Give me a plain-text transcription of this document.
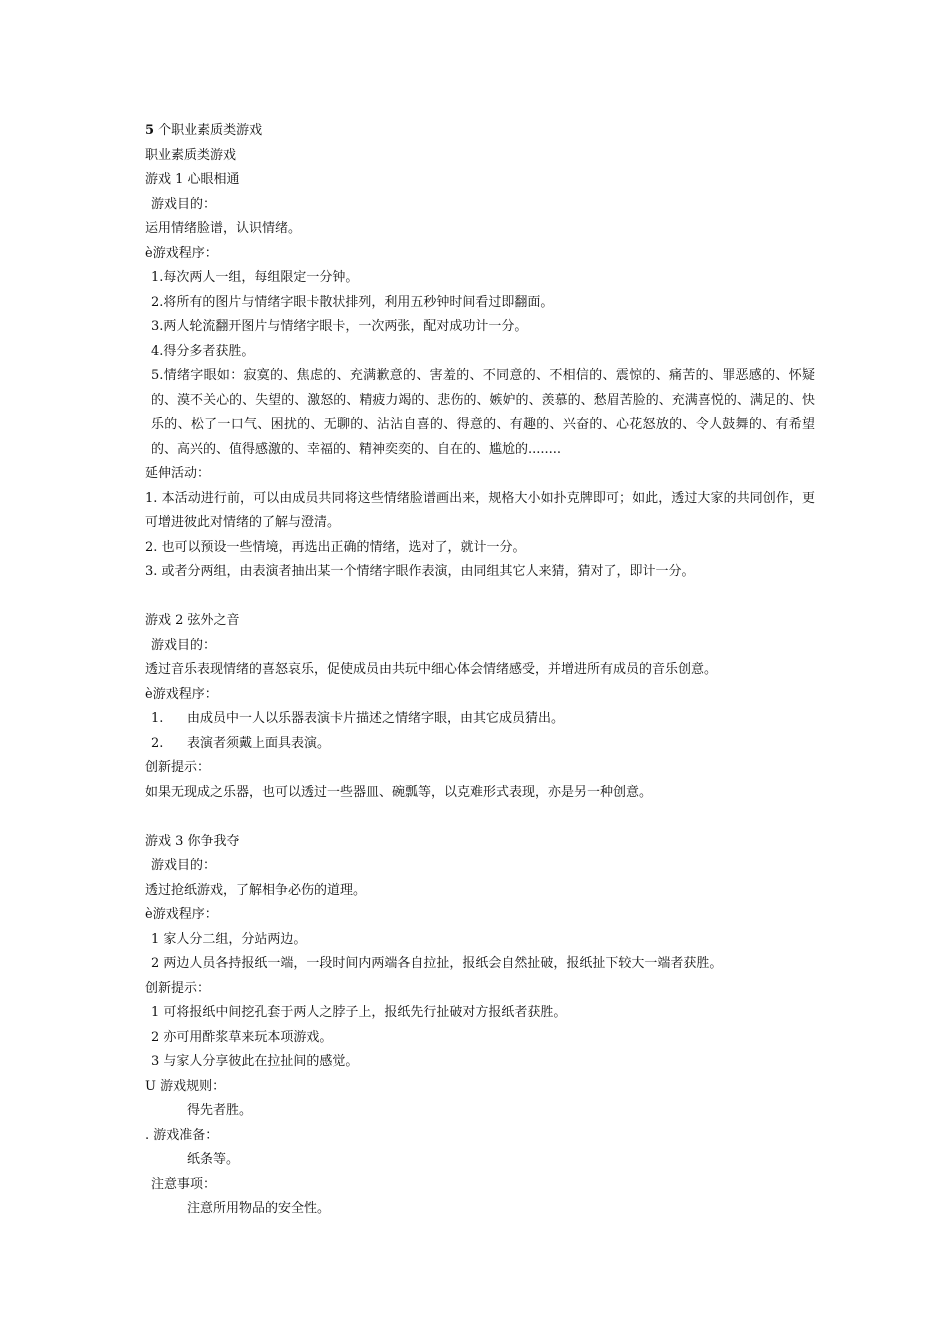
5 个职业素质类游戏
职业素质类游戏
游戏 1 心眼相通
游戏目的：
运用情绪脸谱，认识情绪。
è游戏程序：
1.每次两人一组，每组限定一分钟。
2.将所有的图片与情绪字眼卡散状排列，利用五秒钟时间看过即翻面。
3.两人轮流翻开图片与情绪字眼卡，一次两张，配对成功计一分。
4.得分多者获胜。
5.情绪字眼如：寂寞的、焦虑的、充满歉意的、害羞的、不同意的、不相信的、震惊的、痛苦的、罪恶感的、怀疑的、漠不关心的、失望的、激怒的、精疲力竭的、悲伤的、嫉妒的、羡慕的、愁眉苦脸的、充满喜悦的、满足的、快乐的、松了一口气、困扰的、无聊的、沾沾自喜的、得意的、有趣的、兴奋的、心花怒放的、令人鼓舞的、有希望的、高兴的、值得感激的、幸福的、精神奕奕的、自在的、尴尬的........
延伸活动：
1. 本活动进行前，可以由成员共同将这些情绪脸谱画出来，规格大小如扑克牌即可；如此，透过大家的共同创作，更可增进彼此对情绪的了解与澄清。
2. 也可以预设一些情境，再选出正确的情绪，选对了，就计一分。
3. 或者分两组，由表演者抽出某一个情绪字眼作表演，由同组其它人来猜，猜对了，即计一分。
游戏 2 弦外之音
游戏目的：
透过音乐表现情绪的喜怒哀乐，促使成员由共玩中细心体会情绪感受，并增进所有成员的音乐创意。
è游戏程序：
1. 由成员中一人以乐器表演卡片描述之情绪字眼，由其它成员猜出。
2. 表演者须戴上面具表演。
创新提示：
如果无现成之乐器，也可以透过一些器皿、碗瓢等，以克难形式表现，亦是另一种创意。
游戏 3 你争我夺
游戏目的：
透过抢纸游戏，了解相争必伤的道理。
è游戏程序：
1 家人分二组，分站两边。
2 两边人员各持报纸一端，一段时间内两端各自拉扯，报纸会自然扯破，报纸扯下较大一端者获胜。
创新提示：
1 可将报纸中间挖孔套于两人之脖子上，报纸先行扯破对方报纸者获胜。
2 亦可用酢浆草来玩本项游戏。
3 与家人分享彼此在拉扯间的感觉。
U 游戏规则：
得先者胜。
. 游戏准备：
纸条等。
注意事项：
注意所用物品的安全性。
